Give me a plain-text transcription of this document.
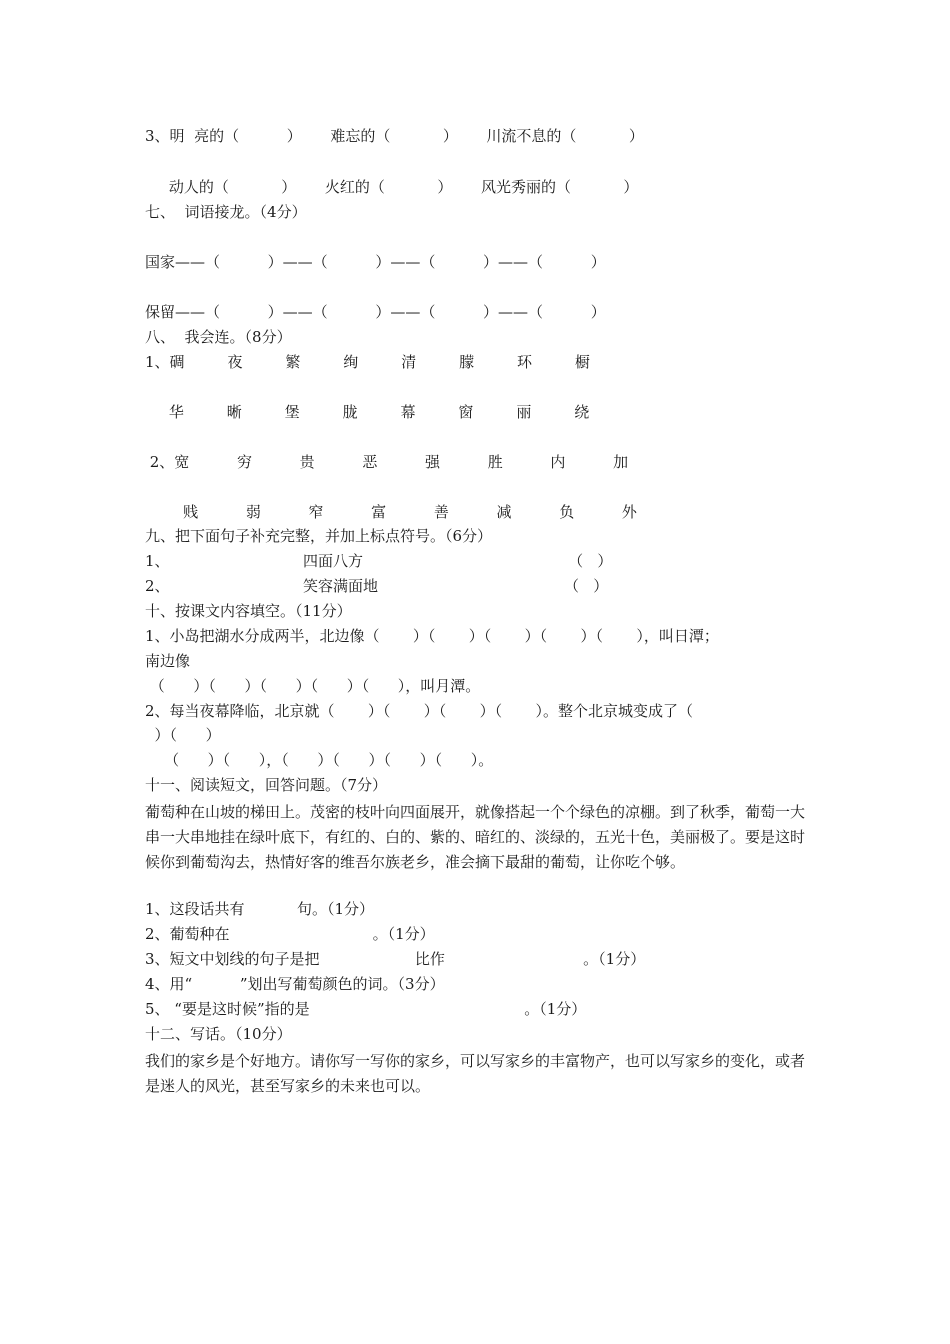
3、明  亮的（          ）      难忘的（           ）      川流不息的（           ）
动人的（           ）      火红的（           ）      风光秀丽的（           ）
七、  词语接龙。（4分）
国家——（          ）——（          ）——（          ）——（          ）
保留——（          ）——（          ）——（          ）——（          ）
八、  我会连。（8分）
1、碉         夜         繁         绚         清         朦         环         橱
华         晰         堡         胧         幕         窗         丽         绕
2、宽          穷          贵          恶          强          胜          内          加
贱          弱          窄          富          善          减          负          外
九、把下面句子补充完整，并加上标点符号。（6分）
1、                            四面八方                                           （   ）
2、                            笑容满面地                                       （   ）
十、按课文内容填空。（11分）
1、小岛把湖水分成两半，北边像（       ）（       ）（       ）（       ）（       ），叫日潭；
南边像
（      ）（      ）（      ）（      ）（      ），叫月潭。
2、每当夜幕降临，北京就（       ）（       ）（       ）（       ）。整个北京城变成了（
）（      ）
（      ）（      ），（      ）（      ）（      ）（      ）。
十一、阅读短文，回答问题。（7分）
葡萄种在山坡的梯田上。茂密的枝叶向四面展开，就像搭起一个个绿色的凉棚。到了秋季，葡萄一大串一大串地挂在绿叶底下，有红的、白的、紫的、暗红的、淡绿的，五光十色，美丽极了。要是这时候你到葡萄沟去，热情好客的维吾尔族老乡，准会摘下最甜的葡萄，让你吃个够。
1、这段话共有           句。（1分）
2、葡萄种在                              。（1分）
3、短文中划线的句子是把                    比作                             。（1分）
4、用“          ”划出写葡萄颜色的词。（3分）
5、 “要是这时候”指的是                                             。（1分）
十二、写话。（10分）
我们的家乡是个好地方。请你写一写你的家乡，可以写家乡的丰富物产，也可以写家乡的变化，或者是迷人的风光，甚至写家乡的未来也可以。
